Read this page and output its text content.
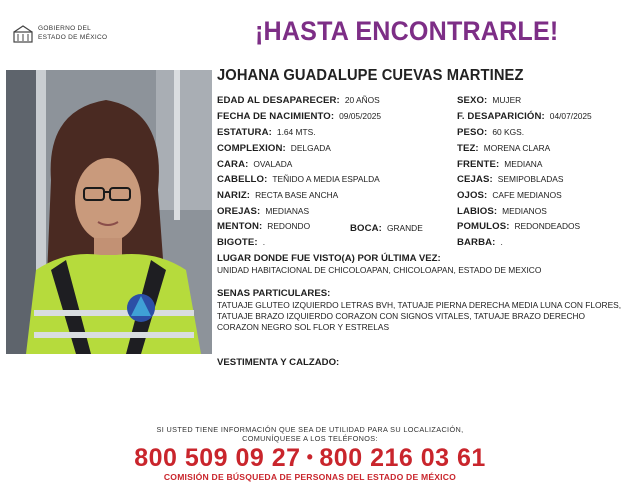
GOBIERNO DEL
ESTADO DE MÉXICO	¡HASTA ENCONTRARLE!
JOHANA GUADALUPE CUEVAS MARTINEZ
EDAD AL DESAPARECER: 20 AÑOS
FECHA DE NACIMIENTO: 09/05/2025
ESTATURA: 1.64 MTS.
COMPLEXION: DELGADA
CARA: OVALADA
CABELLO: TEÑIDO A MEDIA ESPALDA
NARIZ: RECTA BASE ANCHA
OREJAS: MEDIANAS
MENTON: REDONDO	BOCA: GRANDE
BIGOTE: .
SEXO: MUJER
F. DESAPARICIÓN: 04/07/2025
PESO: 60 KGS.
TEZ: MORENA CLARA
FRENTE: MEDIANA
CEJAS: SEMIPOBLADAS
OJOS: CAFE MEDIANOS
LABIOS: MEDIANOS
POMULOS: REDONDEADOS
BARBA: .
LUGAR DONDE FUE VISTO(A) POR ÚLTIMA VEZ:
UNIDAD HABITACIONAL DE CHICOLOAPAN, CHICOLOAPAN, ESTADO DE MEXICO
SENAS PARTICULARES:
TATUAJE GLUTEO IZQUIERDO LETRAS BVH, TATUAJE PIERNA DERECHA MEDIA LUNA CON FLORES, TATUAJE BRAZO IZQUIERDO CORAZON CON SIGNOS VITALES, TATUAJE BRAZO DERECHO CORAZON NEGRO SOL FLOR Y ESTRELAS
VESTIMENTA Y CALZADO:
SI USTED TIENE INFORMACIÓN QUE SEA DE UTILIDAD PARA SU LOCALIZACIÓN,
COMUNÍQUESE A LOS TELÉFONOS:
800 509 09 27 • 800 216 03 61
COMISIÓN DE BÚSQUEDA DE PERSONAS DEL ESTADO DE MÉXICO
